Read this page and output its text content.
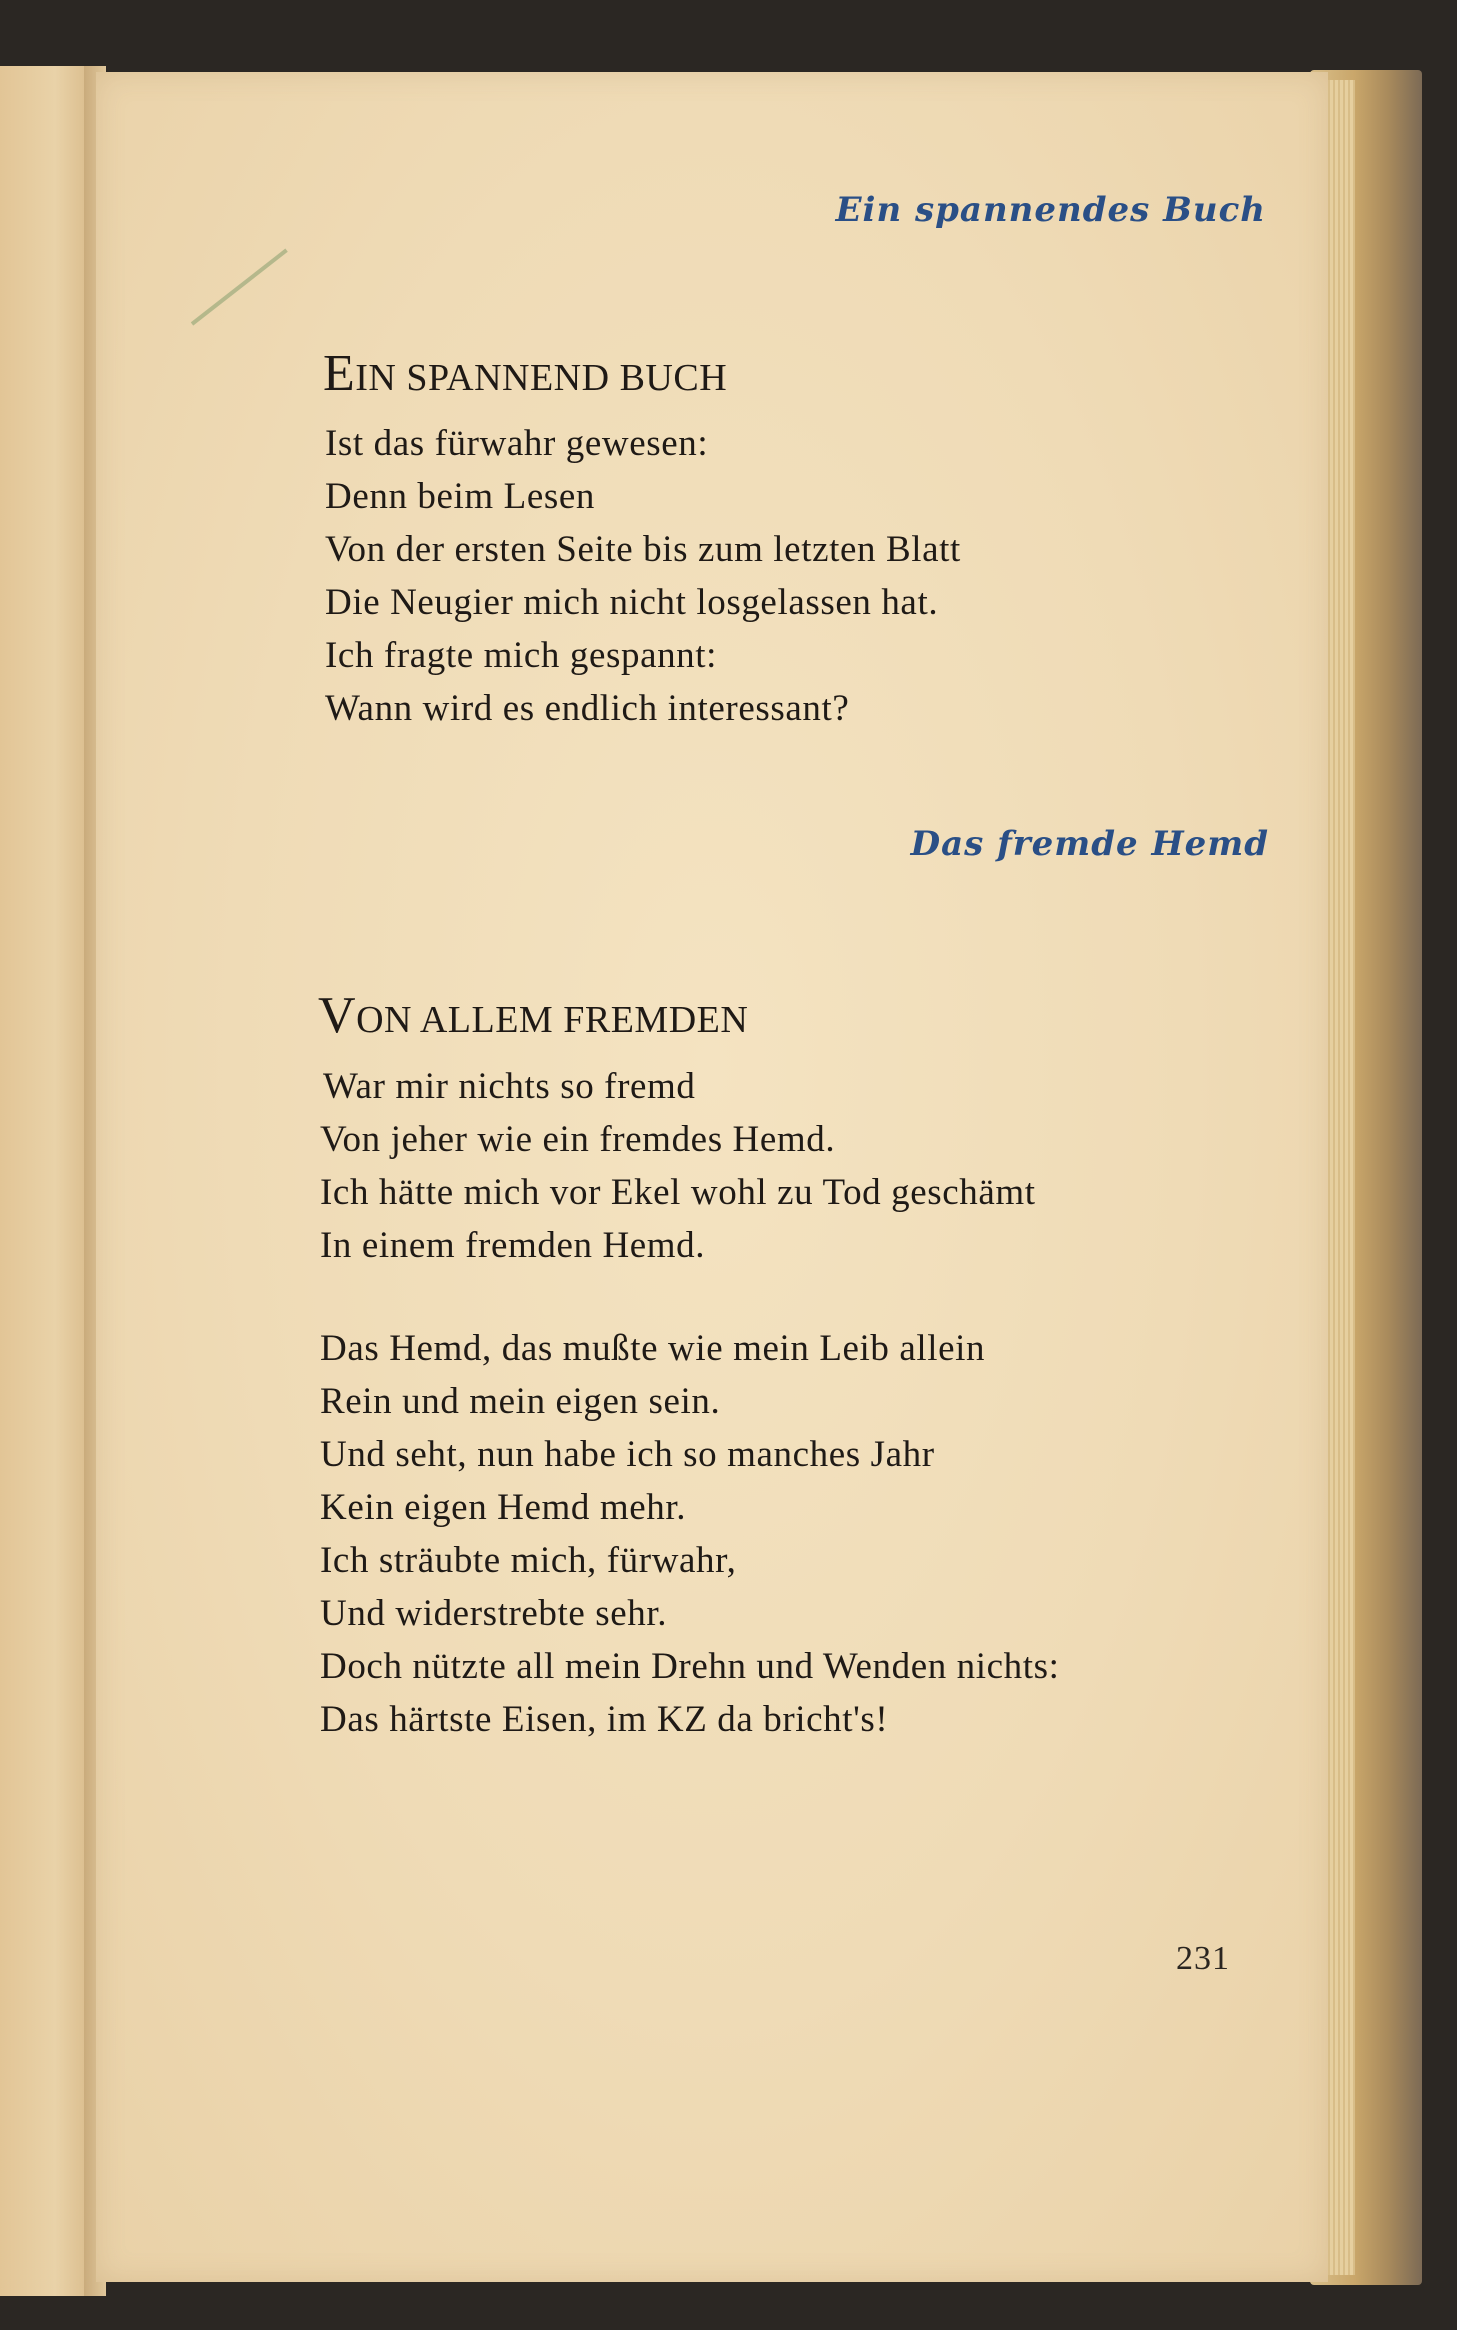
Ein spannendes Buch
EIN SPANNEND BUCH
Ist das fürwahr gewesen:
Denn beim Lesen
Von der ersten Seite bis zum letzten Blatt
Die Neugier mich nicht losgelassen hat.
Ich fragte mich gespannt:
Wann wird es endlich interessant?
Das fremde Hemd
VON ALLEM FREMDEN
War mir nichts so fremd
Von jeher wie ein fremdes Hemd.
Ich hätte mich vor Ekel wohl zu Tod geschämt
In einem fremden Hemd.
Das Hemd, das mußte wie mein Leib allein
Rein und mein eigen sein.
Und seht, nun habe ich so manches Jahr
Kein eigen Hemd mehr.
Ich sträubte mich, fürwahr,
Und widerstrebte sehr.
Doch nützte all mein Drehn und Wenden nichts:
Das härtste Eisen, im KZ da bricht's!
231
